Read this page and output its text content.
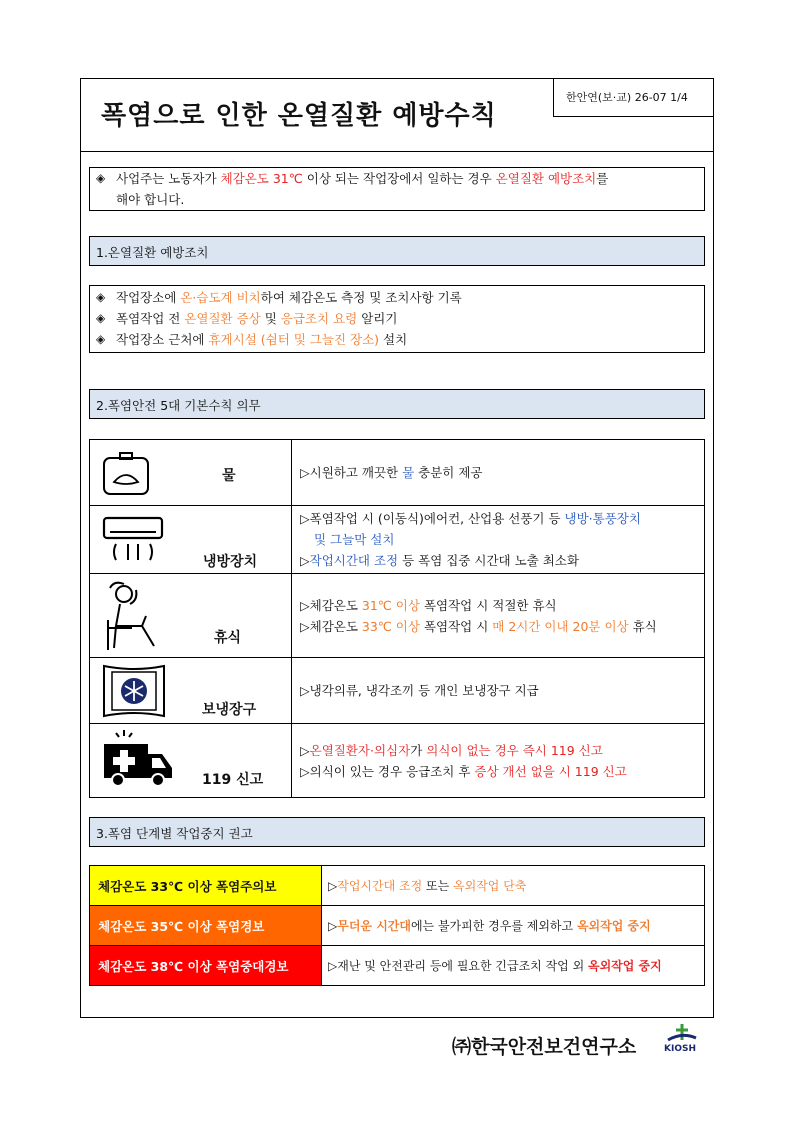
폭염으로 인한 온열질환 예방수칙
한안연(보·교) 26-07 1/4
◈ 사업주는 노동자가 체감온도 31℃ 이상 되는 작업장에서 일하는 경우 온열질환 예방조치를
해야 합니다.
1.온열질환 예방조치
◈ 작업장소에 온·습도계 비치하여 체감온도 측정 및 조치사항 기록
◈ 폭염작업 전 온열질환 증상 및 응급조치 요령 알리기
◈ 작업장소 근처에 휴게시설 (쉼터 및 그늘진 장소) 설치
2.폭염안전 5대 기본수칙 의무
물	▷시원하고 깨끗한 물 충분히 제공

냉방장치	▷폭염작업 시 (이동식)에어컨, 산업용 선풍기 등 냉방·통풍장치
및 그늘막 설치
▷작업시간대 조정 등 폭염 집중 시간대 노출 최소화

휴식	▷체감온도 31℃ 이상 폭염작업 시 적절한 휴식
▷체감온도 33℃ 이상 폭염작업 시 매 2시간 이내 20분 이상 휴식

보냉장구	▷냉각의류, 냉각조끼 등 개인 보냉장구 지급

119 신고	▷온열질환자·의심자가 의식이 없는 경우 즉시 119 신고
▷의식이 있는 경우 응급조치 후 증상 개선 없을 시 119 신고
3.폭염 단계별 작업중지 권고
체감온도 33℃ 이상 폭염주의보	▷작업시간대 조정 또는 옥외작업 단축
체감온도 35℃ 이상 폭염경보	▷무더운 시간대에는 불가피한 경우를 제외하고 옥외작업 중지
체감온도 38℃ 이상 폭염중대경보	▷재난 및 안전관리 등에 필요한 긴급조치 작업 외 옥외작업 중지
㈜한국안전보건연구소	KIOSH
